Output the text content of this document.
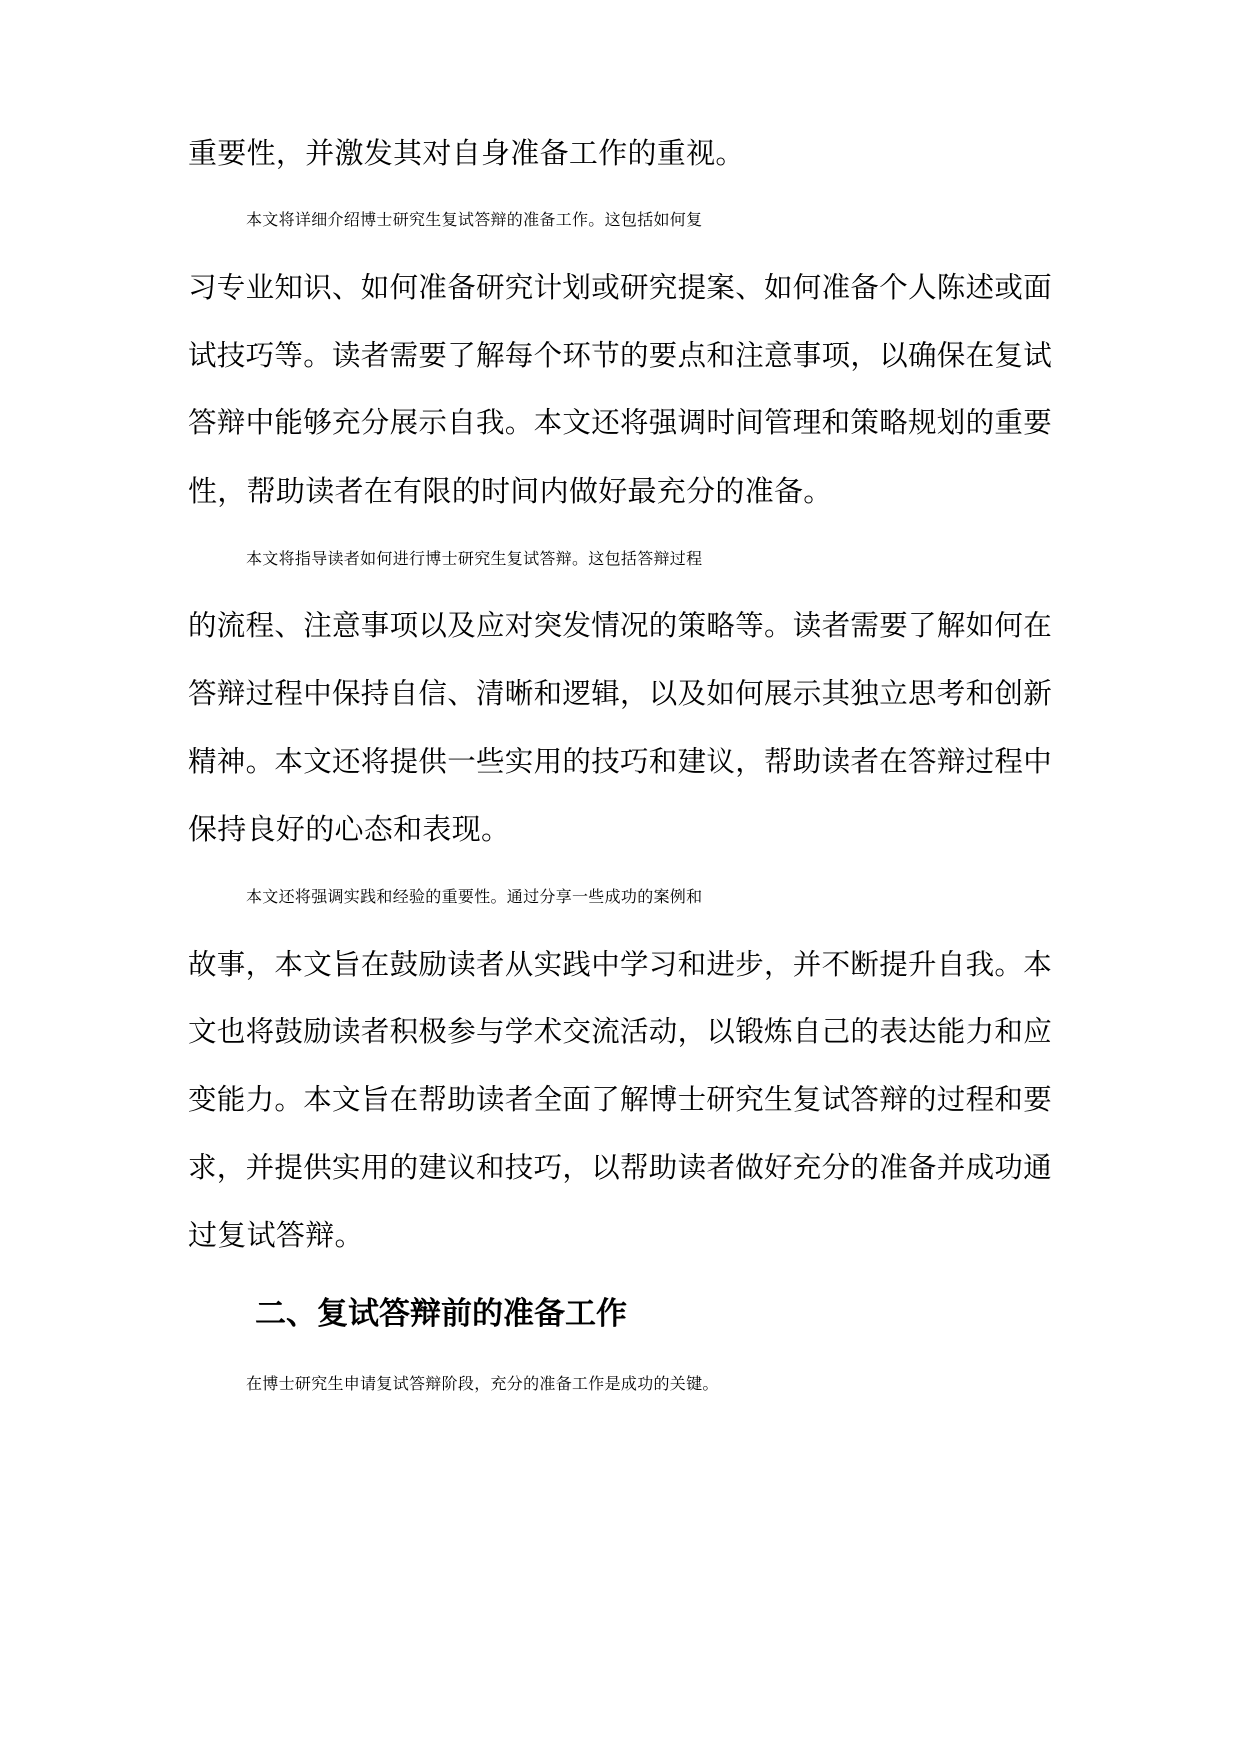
重要性，并激发其对自身准备工作的重视。
本文将详细介绍博士研究生复试答辩的准备工作。这包括如何复
习专业知识、如何准备研究计划或研究提案、如何准备个人陈述或面
试技巧等。读者需要了解每个环节的要点和注意事项，以确保在复试
答辩中能够充分展示自我。本文还将强调时间管理和策略规划的重要
性，帮助读者在有限的时间内做好最充分的准备。
本文将指导读者如何进行博士研究生复试答辩。这包括答辩过程
的流程、注意事项以及应对突发情况的策略等。读者需要了解如何在
答辩过程中保持自信、清晰和逻辑，以及如何展示其独立思考和创新
精神。本文还将提供一些实用的技巧和建议，帮助读者在答辩过程中
保持良好的心态和表现。
本文还将强调实践和经验的重要性。通过分享一些成功的案例和
故事，本文旨在鼓励读者从实践中学习和进步，并不断提升自我。本
文也将鼓励读者积极参与学术交流活动，以锻炼自己的表达能力和应
变能力。本文旨在帮助读者全面了解博士研究生复试答辩的过程和要
求，并提供实用的建议和技巧，以帮助读者做好充分的准备并成功通
过复试答辩。
二、复试答辩前的准备工作
在博士研究生申请复试答辩阶段，充分的准备工作是成功的关键。
